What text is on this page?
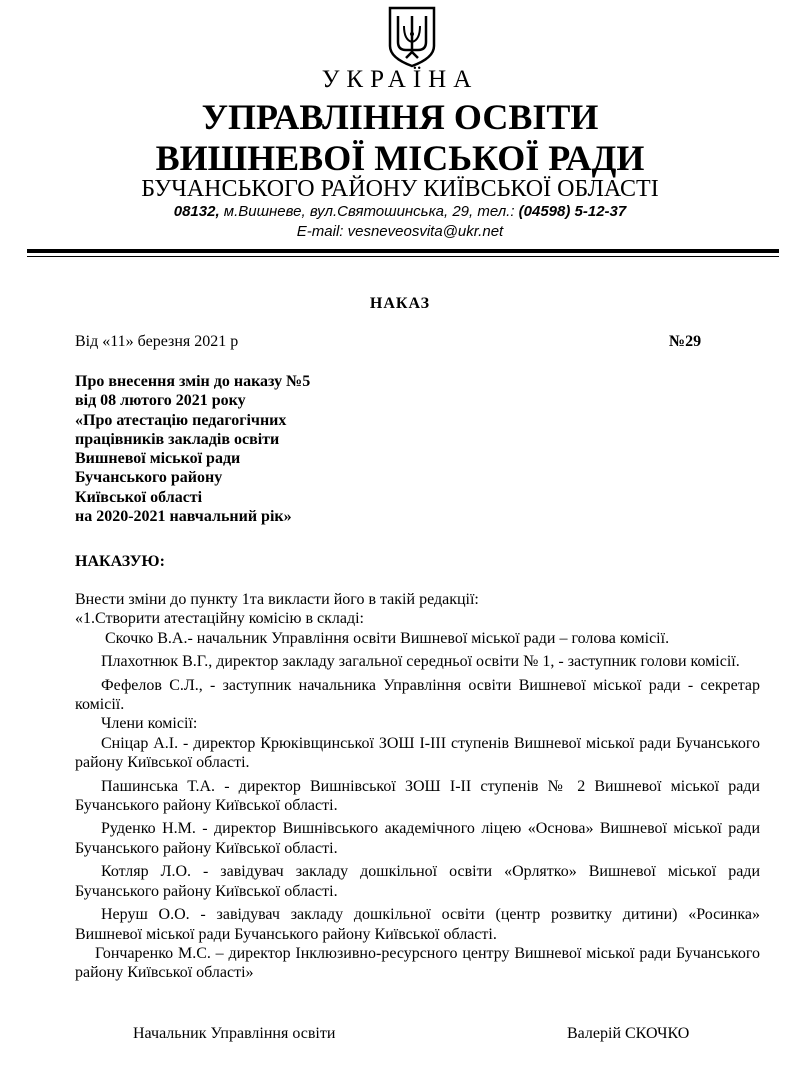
УКРАЇНА
УПРАВЛІННЯ ОСВІТИ
ВИШНЕВОЇ МІСЬКОЇ РАДИ
БУЧАНСЬКОГО РАЙОНУ КИЇВСЬКОЇ ОБЛАСТІ
08132, м.Вишневе, вул.Святошинська, 29, тел.: (04598) 5-12-37
E-mail: vesneveosvita@ukr.net
НАКАЗ
Від «11» березня 2021 р	№29
Про внесення змін до наказу №5
від 08 лютого 2021 року
«Про атестацію педагогічних
працівників закладів освіти
Вишневої міської ради
Бучанського району
Київської області
на 2020-2021 навчальний рік»
НАКАЗУЮ:

Внести зміни до пункту 1та викласти його в такій редакції:

«1.Створити атестаційну комісію в складі:

Скочко В.А.- начальник Управління освіти Вишневої міської ради – голова комісії.

Плахотнюк В.Г., директор закладу загальної середньої освіти № 1, - заступник голови комісії.

Фефелов С.Л., - заступник начальника Управління освіти Вишневої міської ради - секретар комісії.

Члени комісії:

Сніцар А.І. - директор Крюківщинської ЗОШ І-ІІІ ступенів Вишневої міської ради Бучанського району Київської області.

Пашинська Т.А. - директор Вишнівської ЗОШ І-ІІ ступенів № 2 Вишневої міської ради Бучанського району Київської області.

Руденко Н.М. - директор Вишнівського академічного ліцею «Основа» Вишневої міської ради Бучанського району Київської області.

Котляр Л.О. - завідувач закладу дошкільної освіти «Орлятко» Вишневої міської ради Бучанського району Київської області.

Неруш О.О. - завідувач закладу дошкільної освіти (центр розвитку дитини) «Росинка» Вишневої міської ради Бучанського району Київської області.

Гончаренко М.С. – директор Інклюзивно-ресурсного центру Вишневої міської ради Бучанського району Київської області»

Начальник Управління освіти	Валерій СКОЧКО
